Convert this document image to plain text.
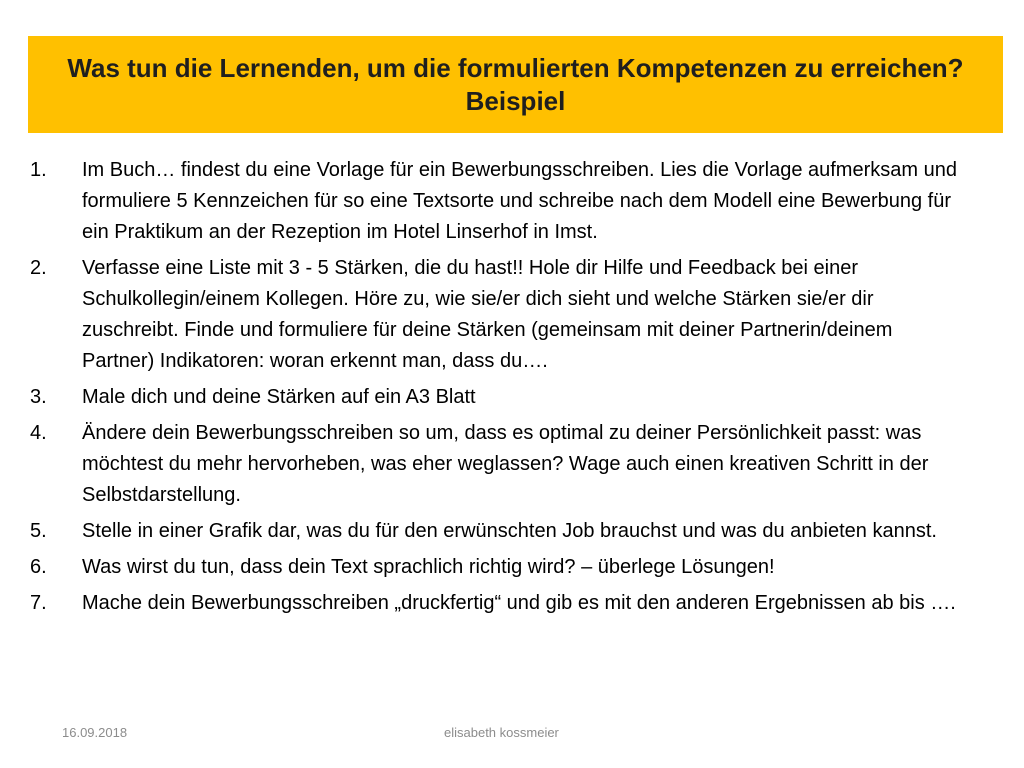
Was tun die Lernenden, um die formulierten Kompetenzen zu erreichen? Beispiel
1.	Im Buch… findest du eine Vorlage für ein Bewerbungsschreiben. Lies die Vorlage aufmerksam und formuliere 5 Kennzeichen für so eine Textsorte und schreibe nach dem Modell eine Bewerbung für ein Praktikum an der Rezeption im Hotel Linserhof in Imst.
2.	Verfasse eine Liste mit 3 - 5 Stärken, die du hast!! Hole dir Hilfe und Feedback bei einer Schulkollegin/einem Kollegen. Höre zu, wie sie/er dich sieht und welche Stärken sie/er dir zuschreibt. Finde und formuliere für deine Stärken (gemeinsam mit deiner Partnerin/deinem Partner) Indikatoren: woran erkennt man, dass du….
3.	Male dich und deine Stärken auf ein A3 Blatt
4.	Ändere dein Bewerbungsschreiben so um, dass es optimal zu deiner Persönlichkeit passt: was möchtest du mehr hervorheben, was eher weglassen? Wage auch einen kreativen Schritt in der Selbstdarstellung.
5.	Stelle in einer Grafik dar, was du für den erwünschten Job brauchst und was du anbieten kannst.
6.	Was wirst du tun, dass dein Text sprachlich richtig wird? – überlege Lösungen!
7.	Mache dein Bewerbungsschreiben „druckfertig“ und gib es mit den anderen Ergebnissen ab bis ….
16.09.2018	elisabeth kossmeier
